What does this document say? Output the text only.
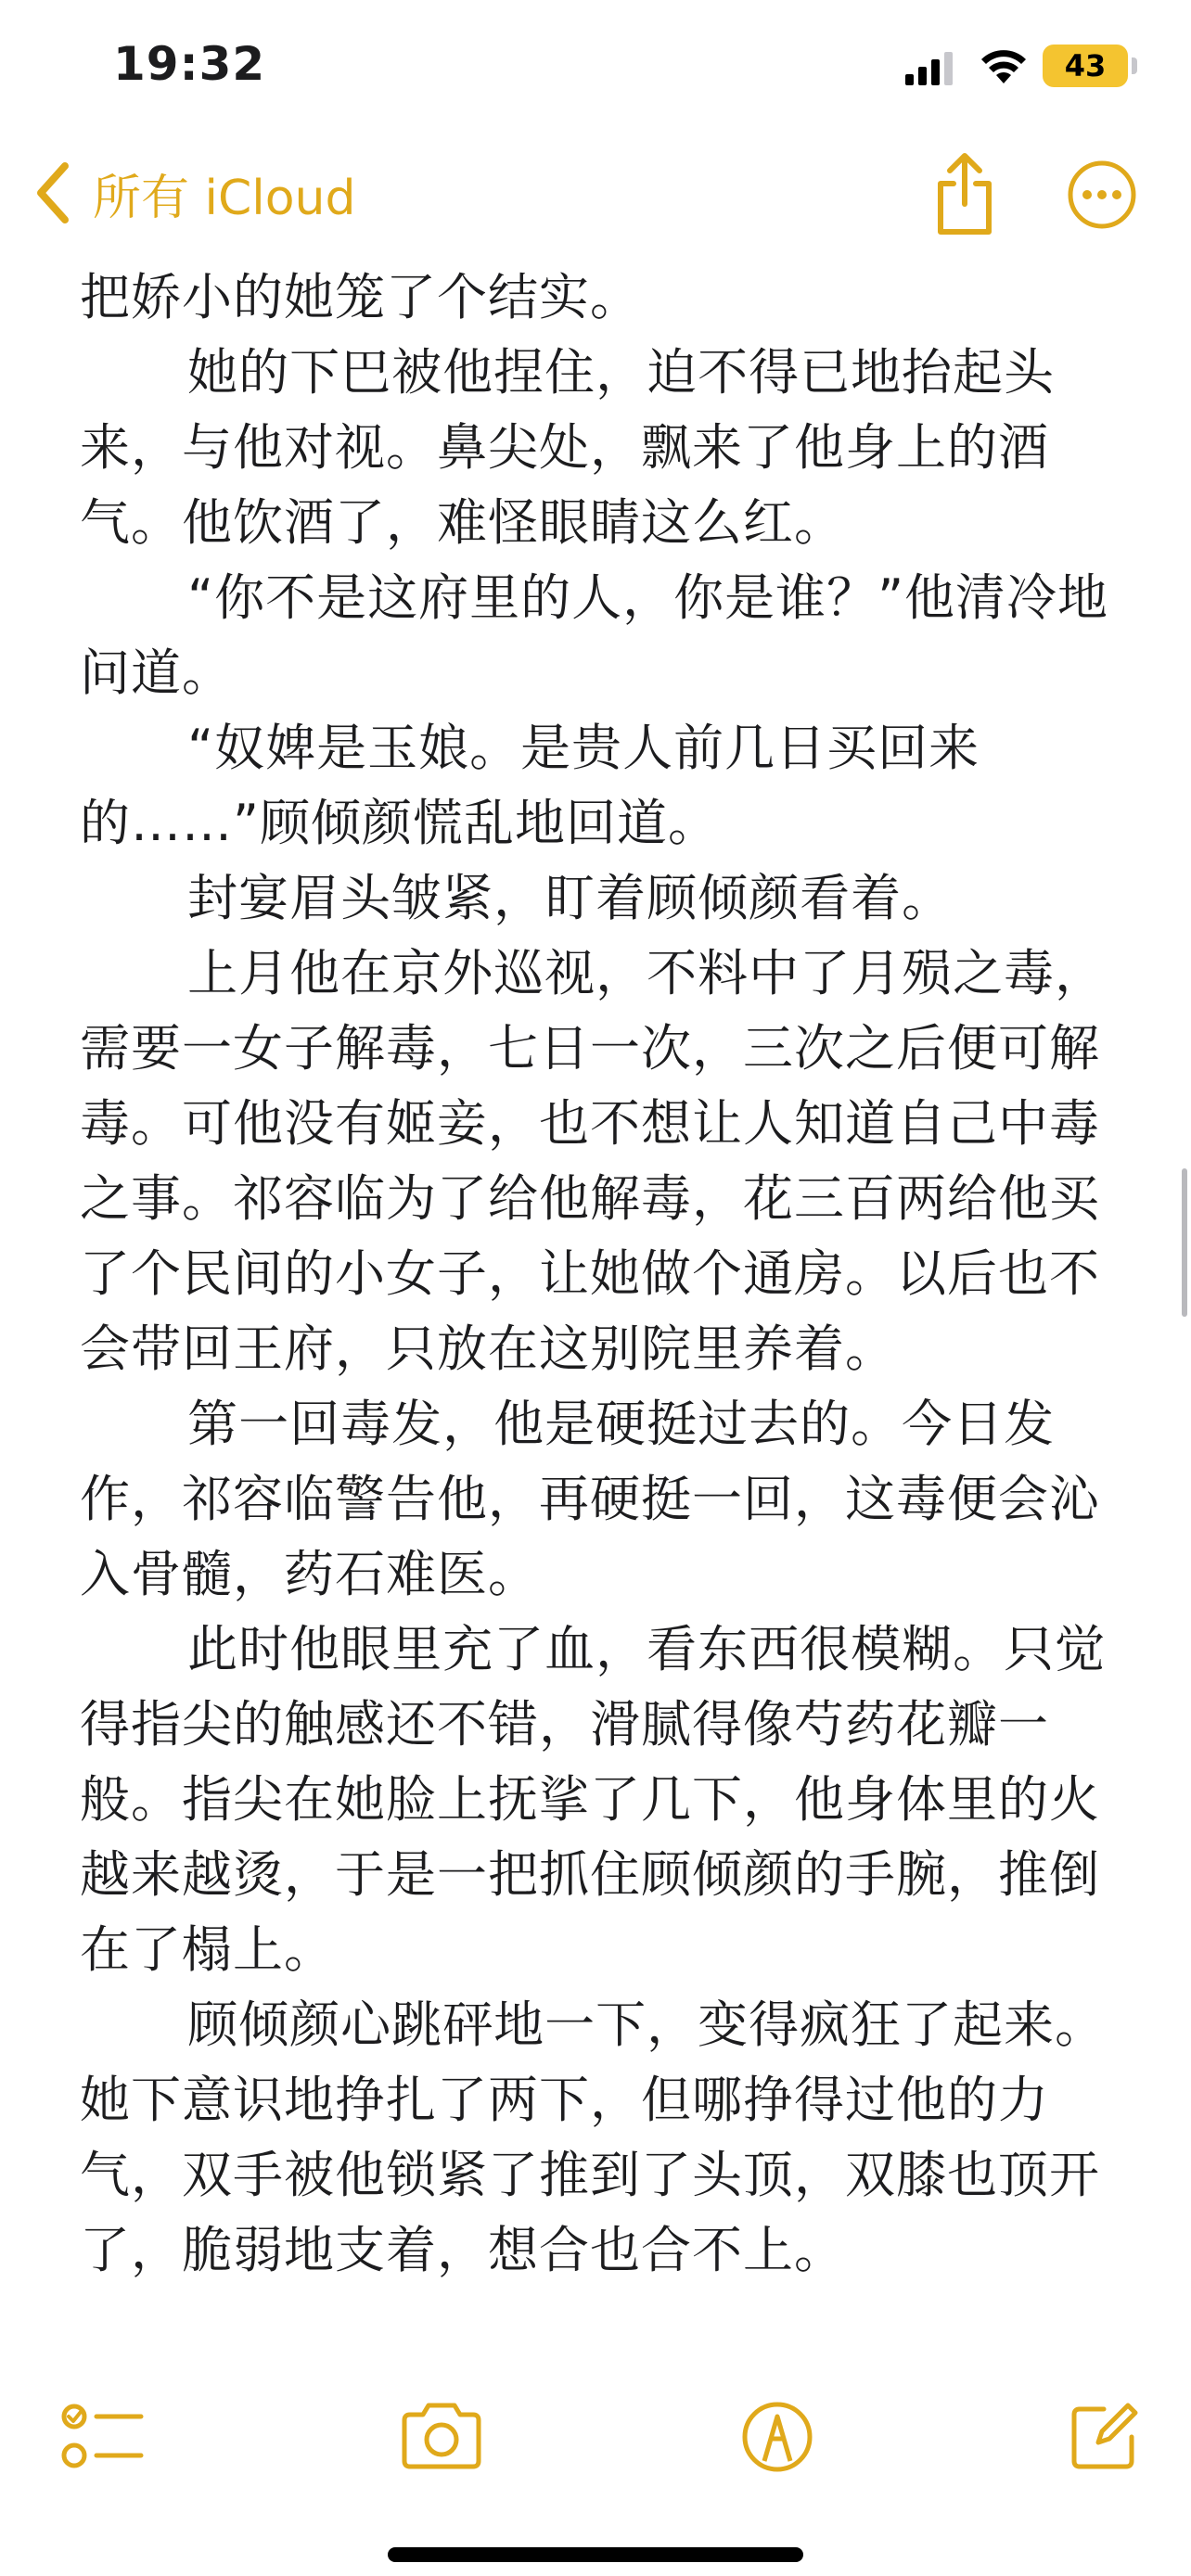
19:32	43
所有 iCloud

把娇小的她笼了个结实。

她的下巴被他捏住，迫不得已地抬起头来，与他对视。鼻尖处，飘来了他身上的酒气。他饮酒了，难怪眼睛这么红。

“你不是这府里的人，你是谁？”他清冷地问道。

“奴婢是玉娘。是贵人前几日买回来的……”顾倾颜慌乱地回道。

封宴眉头皱紧，盯着顾倾颜看着。

上月他在京外巡视，不料中了月殒之毒，需要一女子解毒，七日一次，三次之后便可解毒。可他没有姬妾，也不想让人知道自己中毒之事。祁容临为了给他解毒，花三百两给他买了个民间的小女子，让她做个通房。以后也不会带回王府，只放在这别院里养着。

第一回毒发，他是硬挺过去的。今日发作，祁容临警告他，再硬挺一回，这毒便会沁入骨髓，药石难医。

此时他眼里充了血，看东西很模糊。只觉得指尖的触感还不错，滑腻得像芍药花瓣一般。指尖在她脸上抚挲了几下，他身体里的火越来越烫，于是一把抓住顾倾颜的手腕，推倒在了榻上。

顾倾颜心跳砰地一下，变得疯狂了起来。她下意识地挣扎了两下，但哪挣得过他的力气，双手被他锁紧了推到了头顶，双膝也顶开了，脆弱地支着，想合也合不上。
